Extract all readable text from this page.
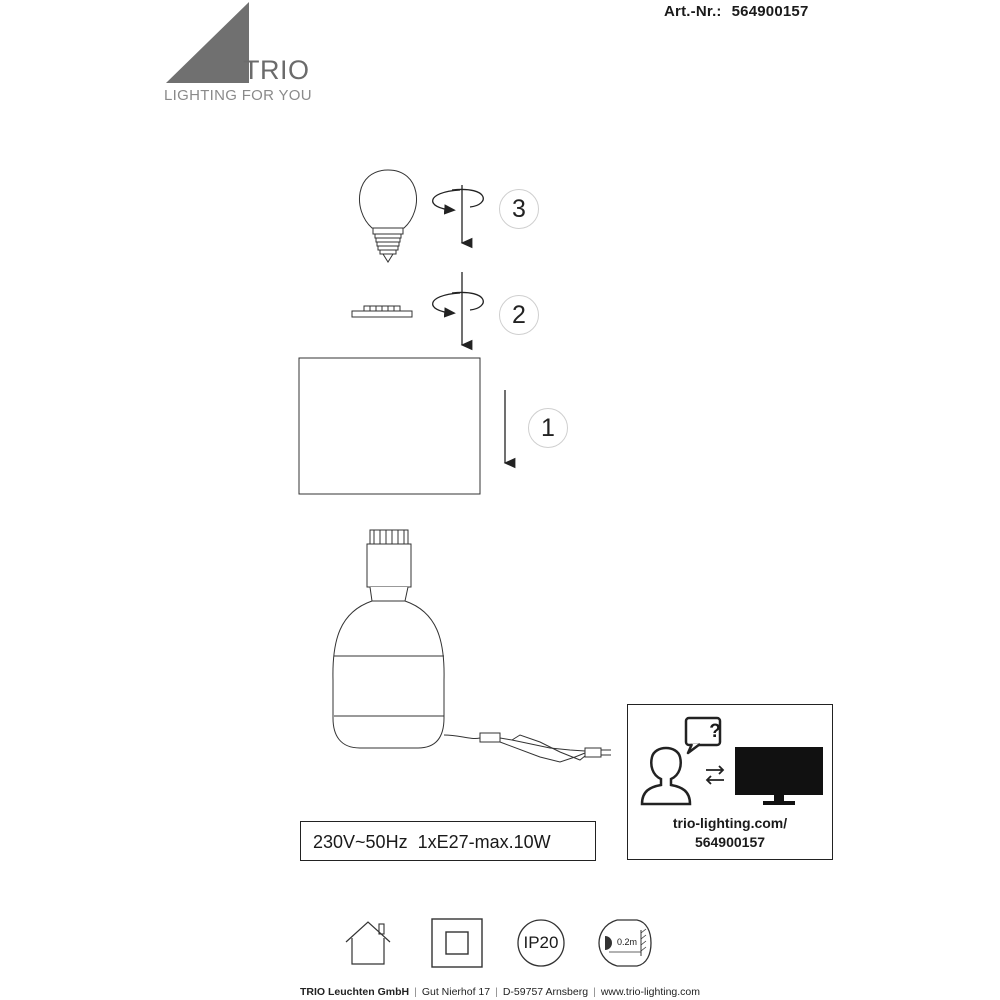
Art.-Nr.: 564900157
TRIO
LIGHTING FOR YOU
3
2
1
230V~50Hz 1xE27-max.10W
?
trio-lighting.com/
564900157
IP20	0.2m
TRIO Leuchten GmbH | Gut Nierhof 17 | D-59757 Arnsberg | www.trio-lighting.com
